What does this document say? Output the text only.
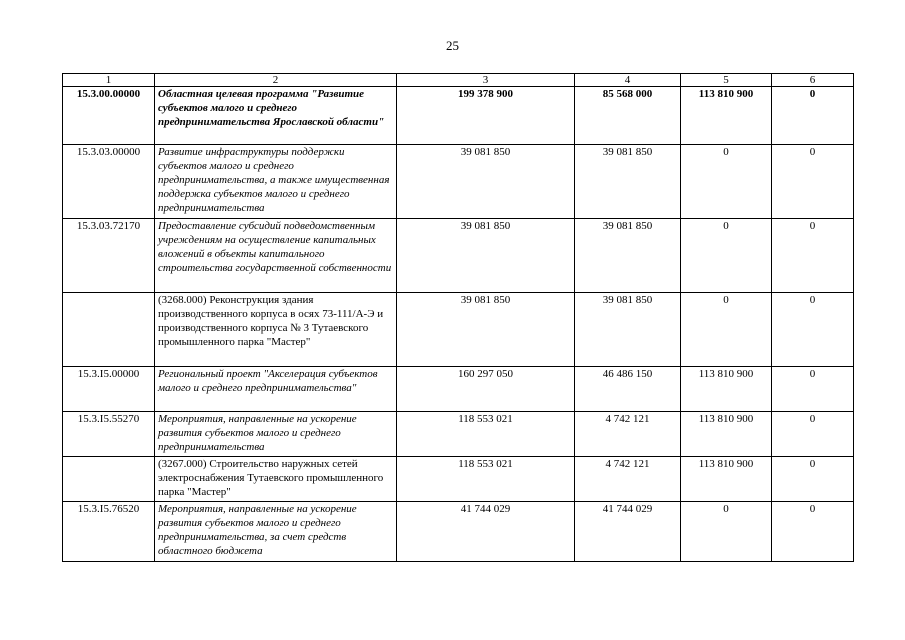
25
1	2	3	4	5	6
15.3.00.00000	Областная целевая программа "Развитие субъектов малого и среднего предпринимательства Ярославской области"	199 378 900	85 568 000	113 810 900	0
15.3.03.00000	Развитие инфраструктуры поддержки субъектов малого и среднего предпринимательства, а также имущественная поддержка субъектов малого и среднего предпринимательства	39 081 850	39 081 850	0	0
15.3.03.72170	Предоставление субсидий подведомственным учреждениям на осуществление капитальных вложений в объекты капитального строительства государственной собственности	39 081 850	39 081 850	0	0
	(3268.000) Реконструкция здания производственного корпуса в осях 73-111/А-Э и производственного корпуса № 3 Тутаевского промышленного парка "Мастер"	39 081 850	39 081 850	0	0
15.3.I5.00000	Региональный проект "Акселерация субъектов малого и среднего предпринимательства"	160 297 050	46 486 150	113 810 900	0
15.3.I5.55270	Мероприятия, направленные на ускорение развития субъектов малого и среднего предпринимательства	118 553 021	4 742 121	113 810 900	0
	(3267.000) Строительство наружных сетей электроснабжения Тутаевского промышленного парка "Мастер"	118 553 021	4 742 121	113 810 900	0
15.3.I5.76520	Мероприятия, направленные на ускорение развития субъектов малого и среднего предпринимательства, за счет средств областного бюджета	41 744 029	41 744 029	0	0
